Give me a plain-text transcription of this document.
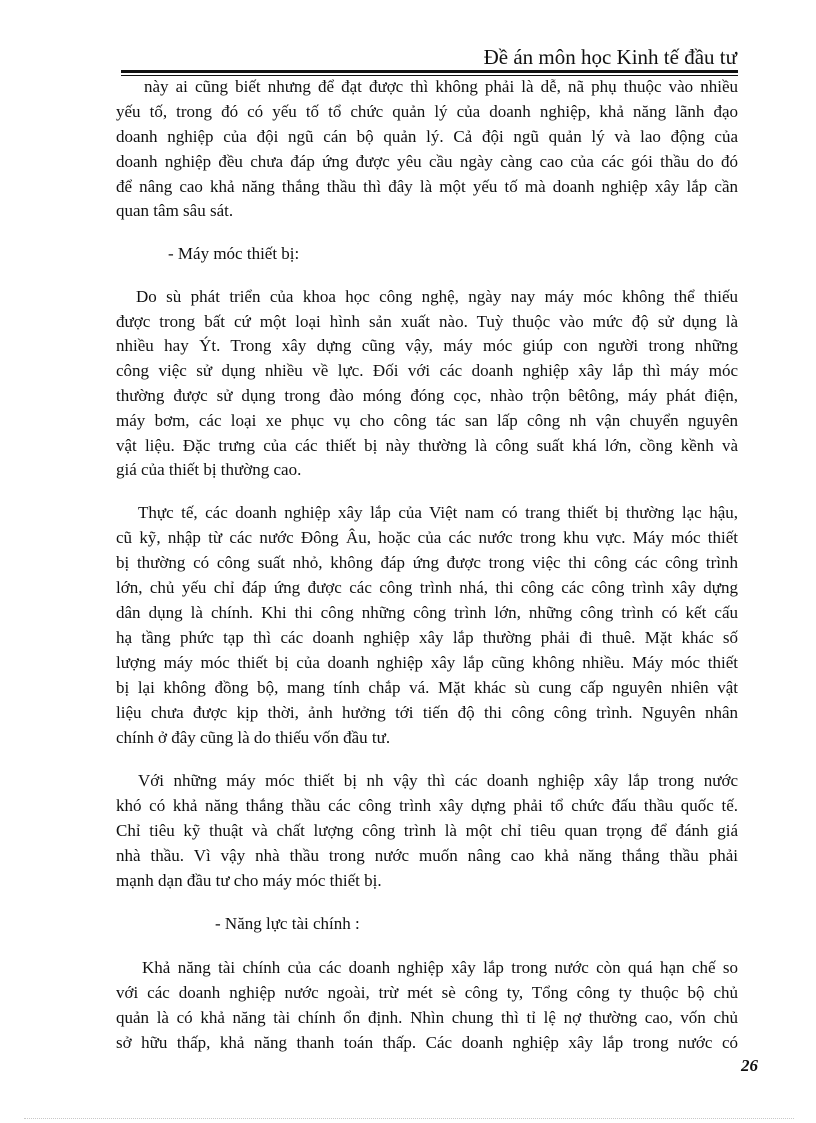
Đề án môn học Kinh tế đầu tư
này ai cũng biết nhưng để đạt được thì không phải là dễ, nã phụ thuộc vào nhiều
yếu tố, trong đó có yếu tố tổ chức quản lý của doanh nghiệp, khả năng lãnh đạo
doanh nghiệp của đội ngũ cán bộ quản lý. Cả đội ngũ quản lý và lao động của
doanh nghiệp đều chưa đáp ứng được yêu cầu ngày càng cao của các gói thầu do đó
để nâng cao khả năng thắng thầu thì đây là một yếu tố mà doanh nghiệp xây lắp cần
quan tâm sâu sát.
- Máy móc thiết bị:
Do sù phát triển của khoa học công nghệ, ngày nay máy móc không thể thiếu
được trong bất cứ một loại hình sản xuất nào. Tuỳ thuộc vào mức độ sử dụng là
nhiều hay Ýt. Trong xây dựng cũng vậy, máy móc giúp con người trong những
công việc sử dụng nhiều về lực. Đối với các doanh nghiệp xây lắp thì máy móc
thường được sử dụng trong đào móng đóng cọc, nhào trộn bêtông, máy phát điện,
máy bơm, các loại xe phục vụ cho công tác san lấp công nh vận chuyển nguyên
vật liệu. Đặc trưng của các thiết bị này thường là công suất khá lớn, cồng kềnh và
giá của thiết bị thường cao.
Thực tế, các doanh nghiệp xây lắp của Việt nam có trang thiết bị thường lạc hậu,
cũ kỹ, nhập từ các nước Đông Âu, hoặc của các nước trong khu vực. Máy móc thiết
bị thường có công suất nhỏ, không đáp ứng được trong việc thi công các công trình
lớn, chủ yếu chỉ đáp ứng được các công trình nhá, thi công các công trình xây dựng
dân dụng là chính. Khi thi công những công trình lớn, những công trình có kết cấu
hạ tầng phức tạp thì các doanh nghiệp xây lắp thường phải đi thuê. Mặt khác số
lượng máy móc thiết bị của doanh nghiệp xây lắp cũng không nhiều. Máy móc thiết
bị lại không đồng bộ, mang tính chắp vá. Mặt khác sù cung cấp nguyên nhiên vật
liệu chưa được kịp thời, ảnh hưởng tới tiến độ thi công công trình. Nguyên nhân
chính ở đây cũng là do thiếu vốn đầu tư.
Với những máy móc thiết bị nh vậy thì các doanh nghiệp xây lắp trong nước
khó có khả năng thắng thầu các công trình xây dựng phải tổ chức đấu thầu quốc tế.
Chỉ tiêu kỹ thuật và chất lượng công trình là một chỉ tiêu quan trọng để đánh giá
nhà thầu. Vì vậy nhà thầu trong nước muốn nâng cao khả năng thắng thầu phải
mạnh dạn đầu tư cho máy móc thiết bị.
- Năng lực tài chính :
Khả năng tài chính của các doanh nghiệp xây lắp trong nước còn quá hạn chế so
với các doanh nghiệp nước ngoài, trừ mét sè công ty, Tổng công ty thuộc bộ chủ
quản là có khả năng tài chính ổn định. Nhìn chung thì tỉ lệ nợ thường cao, vốn chủ
sở hữu thấp, khả năng thanh toán thấp. Các doanh nghiệp xây lắp trong nước có
26
